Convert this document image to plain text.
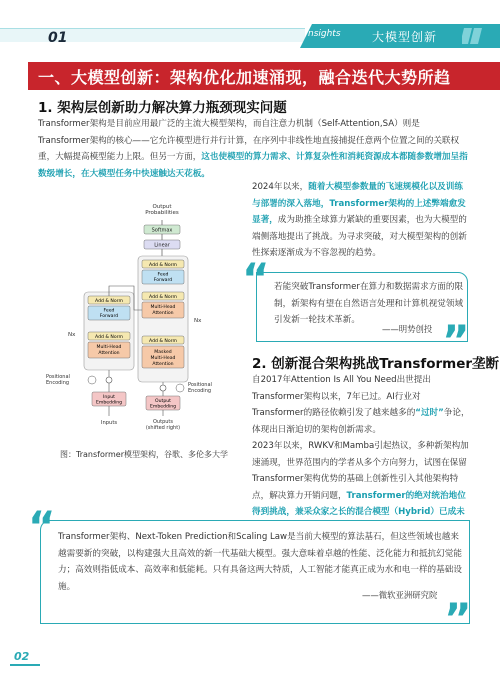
01	nsights	大模型创新
一、大模型创新：架构优化加速涌现，融合迭代大势所趋
1. 架构层创新助力解决算力瓶颈现实问题
Transformer架构是目前应用最广泛的主流大模型架构，而自注意力机制（Self-Attention,SA）则是Transformer架构的核心——它允许模型进行并行计算，在序列中非线性地直接捕捉任意两个位置之间的关联权重，大幅提高模型能力上限。但另一方面，这也使模型的算力需求、计算复杂性和消耗资源成本都随参数增加呈指数级增长，在大模型任务中快速触达天花板。
2024年以来，随着大模型参数量的飞速规模化以及训练与部署的深入落地，Transformer架构的上述弊端愈发显著，成为助推全球算力紧缺的重要因素，也为大模型的端侧落地提出了挑战。为寻求突破，对大模型架构的创新性探索逐渐成为不容忽视的趋势。
Output Probabilities
Softmax
Linear
Add & Norm
Feed
Forward
Add & Norm
Multi-Head
Attention
Add & Norm
Masked
Multi-Head
Attention
Nx
Add & Norm
Feed
Forward
Add & Norm
Multi-Head
Attention
Nx
Positional Encoding	Positional Encoding
Input
Embedding	Output
Embedding
Inputs	Outputs (shifted right)
图：Transformer模型架构，谷歌、多伦多大学
“
”
若能突破Transformer在算力和数据需求方面的限制，新架构有望在自然语言处理和计算机视觉领域引发新一轮技术革新。
——明势创投
2. 创新混合架构挑战Transformer垄断
自2017年Attention Is All You Need出世提出Transformer架构以来，7年已过。AI行业对Transformer的路径依赖引发了越来越多的“过时”争论，体现出日渐迫切的架构创新需求。
2023年以来，RWKV和Mamba引起热议，多种新架构加速涌现，世界范围内的学者从多个方向努力，试图在保留Transformer架构优势的基础上创新性引入其他架构特点，解决算力开销问题，Transformer的绝对统治地位得到挑战，兼采众家之长的混合模型（Hybrid）已成未
“
”
Transformer架构、Next-Token Prediction和Scaling Law是当前大模型的算法基石，但这些领域也越来越需要新的突破，以构建强大且高效的新一代基础大模型。强大意味着卓越的性能、泛化能力和抵抗幻觉能力；高效则指低成本、高效率和低能耗。只有具备这两大特质，人工智能才能真正成为水和电一样的基础设施。
——微软亚洲研究院
02
